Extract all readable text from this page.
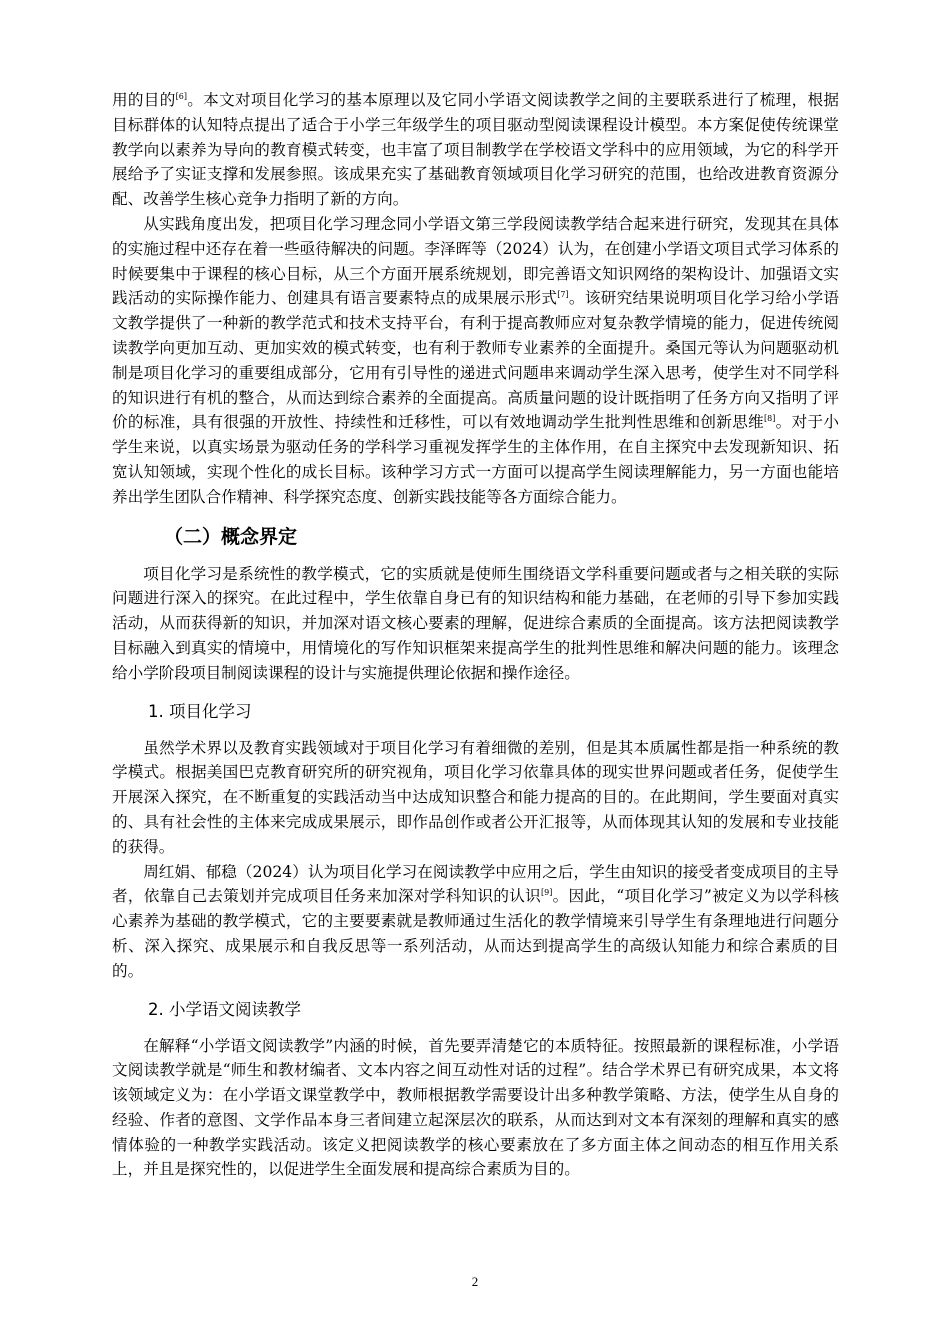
用的目的[6]。本文对项目化学习的基本原理以及它同小学语文阅读教学之间的主要联系进行了梳理，根据目标群体的认知特点提出了适合于小学三年级学生的项目驱动型阅读课程设计模型。本方案促使传统课堂教学向以素养为导向的教育模式转变，也丰富了项目制教学在学校语文学科中的应用领域，为它的科学开展给予了实证支撑和发展参照。该成果充实了基础教育领域项目化学习研究的范围，也给改进教育资源分配、改善学生核心竞争力指明了新的方向。

从实践角度出发，把项目化学习理念同小学语文第三学段阅读教学结合起来进行研究，发现其在具体的实施过程中还存在着一些亟待解决的问题。李泽晖等（2024）认为，在创建小学语文项目式学习体系的时候要集中于课程的核心目标，从三个方面开展系统规划，即完善语文知识网络的架构设计、加强语文实践活动的实际操作能力、创建具有语言要素特点的成果展示形式[7]。该研究结果说明项目化学习给小学语文教学提供了一种新的教学范式和技术支持平台，有利于提高教师应对复杂教学情境的能力，促进传统阅读教学向更加互动、更加实效的模式转变，也有利于教师专业素养的全面提升。桑国元等认为问题驱动机制是项目化学习的重要组成部分，它用有引导性的递进式问题串来调动学生深入思考，使学生对不同学科的知识进行有机的整合，从而达到综合素养的全面提高。高质量问题的设计既指明了任务方向又指明了评价的标准，具有很强的开放性、持续性和迁移性，可以有效地调动学生批判性思维和创新思维[8]。对于小学生来说，以真实场景为驱动任务的学科学习重视发挥学生的主体作用，在自主探究中去发现新知识、拓宽认知领域，实现个性化的成长目标。该种学习方式一方面可以提高学生阅读理解能力，另一方面也能培养出学生团队合作精神、科学探究态度、创新实践技能等各方面综合能力。

（二）概念界定

项目化学习是系统性的教学模式，它的实质就是使师生围绕语文学科重要问题或者与之相关联的实际问题进行深入的探究。在此过程中，学生依靠自身已有的知识结构和能力基础，在老师的引导下参加实践活动，从而获得新的知识，并加深对语文核心要素的理解，促进综合素质的全面提高。该方法把阅读教学目标融入到真实的情境中，用情境化的写作知识框架来提高学生的批判性思维和解决问题的能力。该理念给小学阶段项目制阅读课程的设计与实施提供理论依据和操作途径。

1. 项目化学习

虽然学术界以及教育实践领域对于项目化学习有着细微的差别，但是其本质属性都是指一种系统的教学模式。根据美国巴克教育研究所的研究视角，项目化学习依靠具体的现实世界问题或者任务，促使学生开展深入探究，在不断重复的实践活动当中达成知识整合和能力提高的目的。在此期间，学生要面对真实的、具有社会性的主体来完成成果展示，即作品创作或者公开汇报等，从而体现其认知的发展和专业技能的获得。

周红娟、郁稳（2024）认为项目化学习在阅读教学中应用之后，学生由知识的接受者变成项目的主导者，依靠自己去策划并完成项目任务来加深对学科知识的认识[9]。因此，“项目化学习”被定义为以学科核心素养为基础的教学模式，它的主要要素就是教师通过生活化的教学情境来引导学生有条理地进行问题分析、深入探究、成果展示和自我反思等一系列活动，从而达到提高学生的高级认知能力和综合素质的目的。

2. 小学语文阅读教学

在解释“小学语文阅读教学”内涵的时候，首先要弄清楚它的本质特征。按照最新的课程标准，小学语文阅读教学就是“师生和教材编者、文本内容之间互动性对话的过程”。结合学术界已有研究成果，本文将该领域定义为：在小学语文课堂教学中，教师根据教学需要设计出多种教学策略、方法，使学生从自身的经验、作者的意图、文学作品本身三者间建立起深层次的联系，从而达到对文本有深刻的理解和真实的感情体验的一种教学实践活动。该定义把阅读教学的核心要素放在了多方面主体之间动态的相互作用关系上，并且是探究性的，以促进学生全面发展和提高综合素质为目的。

2
